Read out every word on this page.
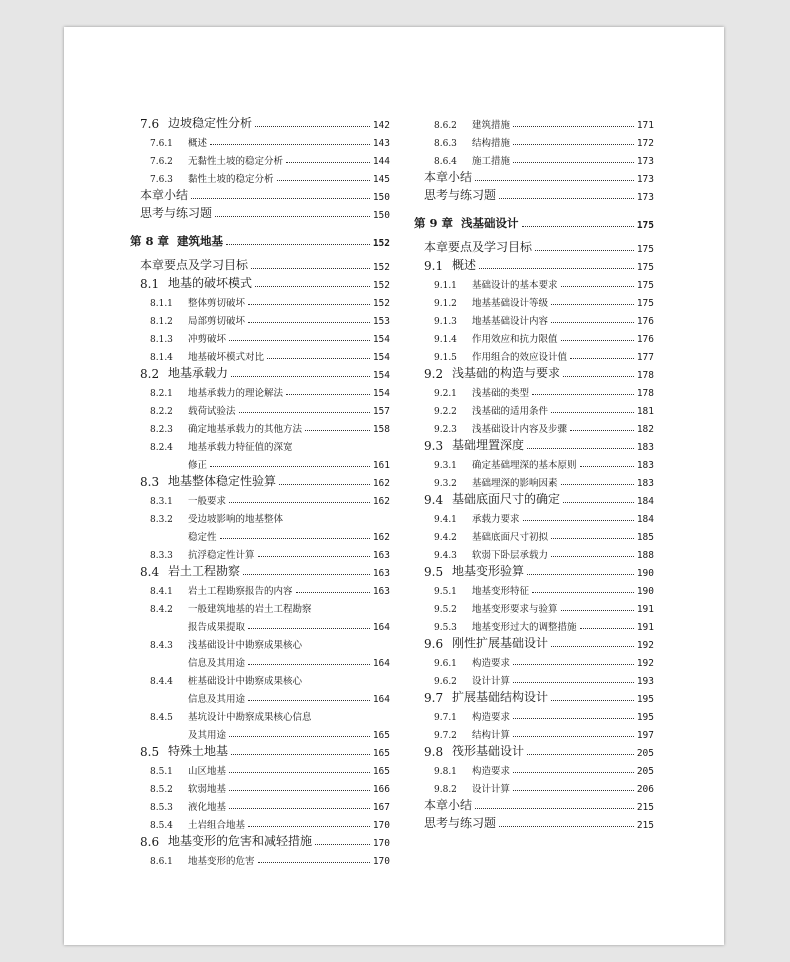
7.6 边坡稳定性分析	142
7.6.1	概述	143
7.6.2	无黏性土坡的稳定分析	144
7.6.3	黏性土坡的稳定分析	145
本章小结	150
思考与练习题	150
第 8 章 建筑地基	152
本章要点及学习目标	152
8.1 地基的破坏模式	152
8.1.1	整体剪切破坏	152
8.1.2	局部剪切破坏	153
8.1.3	冲剪破坏	154
8.1.4	地基破坏模式对比	154
8.2 地基承载力	154
8.2.1	地基承载力的理论解法	154
8.2.2	载荷试验法	157
8.2.3	确定地基承载力的其他方法	158
8.2.4	地基承载力特征值的深宽
修正	161
8.3 地基整体稳定性验算	162
8.3.1	一般要求	162
8.3.2	受边坡影响的地基整体
稳定性	162
8.3.3	抗浮稳定性计算	163
8.4 岩土工程勘察	163
8.4.1	岩土工程勘察报告的内容	163
8.4.2	一般建筑地基的岩土工程勘察
报告成果提取	164
8.4.3	浅基础设计中勘察成果核心
信息及其用途	164
8.4.4	桩基础设计中勘察成果核心
信息及其用途	164
8.4.5	基坑设计中勘察成果核心信息
及其用途	165
8.5 特殊土地基	165
8.5.1	山区地基	165
8.5.2	软弱地基	166
8.5.3	液化地基	167
8.5.4	土岩组合地基	170
8.6 地基变形的危害和减轻措施	170
8.6.1	地基变形的危害	170
8.6.2	建筑措施	171
8.6.3	结构措施	172
8.6.4	施工措施	173
本章小结	173
思考与练习题	173
第 9 章 浅基础设计	175
本章要点及学习目标	175
9.1 概述	175
9.1.1	基础设计的基本要求	175
9.1.2	地基基础设计等级	175
9.1.3	地基基础设计内容	176
9.1.4	作用效应和抗力限值	176
9.1.5	作用组合的效应设计值	177
9.2 浅基础的构造与要求	178
9.2.1	浅基础的类型	178
9.2.2	浅基础的适用条件	181
9.2.3	浅基础设计内容及步骤	182
9.3 基础埋置深度	183
9.3.1	确定基础埋深的基本原则	183
9.3.2	基础埋深的影响因素	183
9.4 基础底面尺寸的确定	184
9.4.1	承载力要求	184
9.4.2	基础底面尺寸初拟	185
9.4.3	软弱下卧层承载力	188
9.5 地基变形验算	190
9.5.1	地基变形特征	190
9.5.2	地基变形要求与验算	191
9.5.3	地基变形过大的调整措施	191
9.6 刚性扩展基础设计	192
9.6.1	构造要求	192
9.6.2	设计计算	193
9.7 扩展基础结构设计	195
9.7.1	构造要求	195
9.7.2	结构计算	197
9.8 筏形基础设计	205
9.8.1	构造要求	205
9.8.2	设计计算	206
本章小结	215
思考与练习题	215
